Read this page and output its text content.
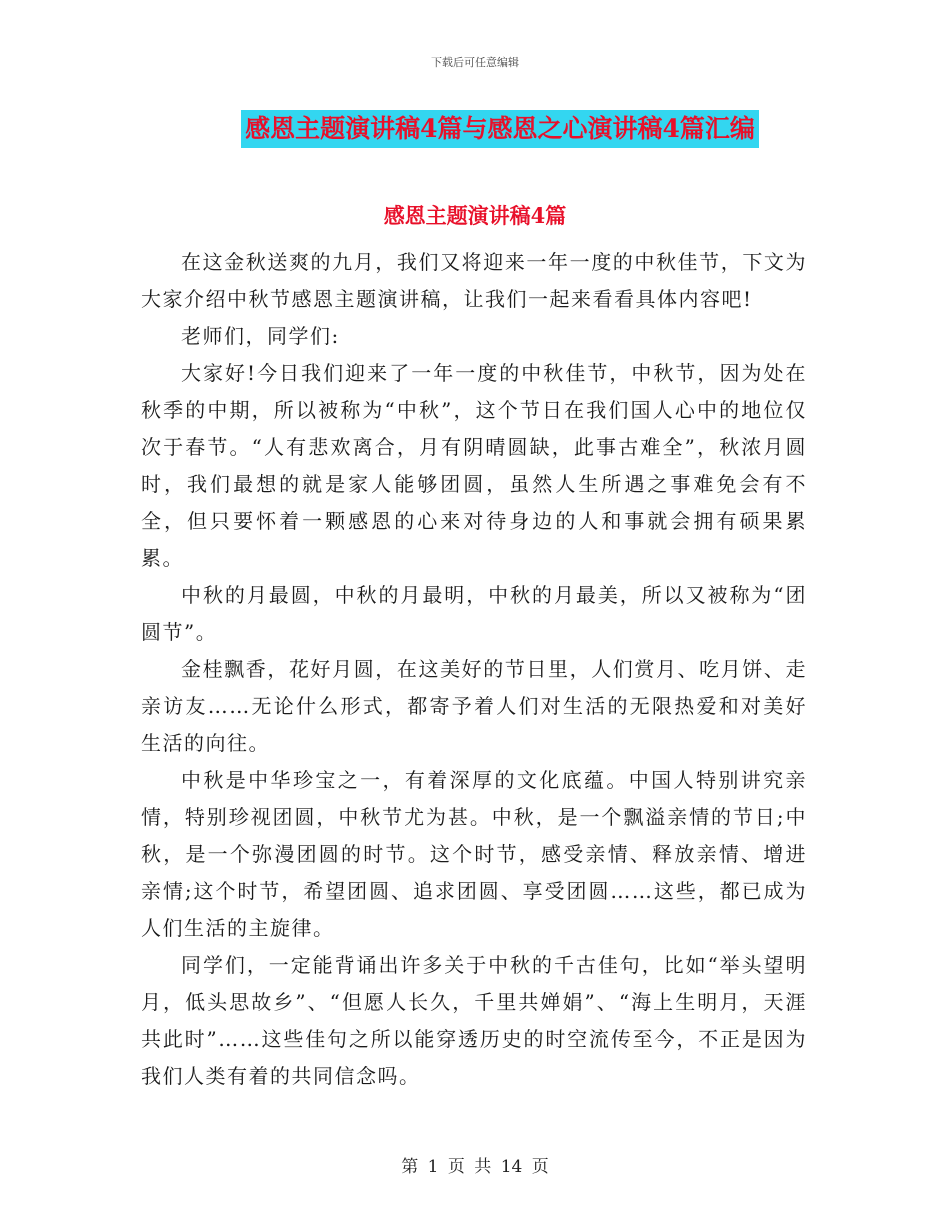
下载后可任意编辑
感恩主题演讲稿4篇与感恩之心演讲稿4篇汇编
感恩主题演讲稿4篇

在这金秋送爽的九月，我们又将迎来一年一度的中秋佳节，下文为大家介绍中秋节感恩主题演讲稿，让我们一起来看看具体内容吧!

老师们，同学们:

大家好!今日我们迎来了一年一度的中秋佳节，中秋节，因为处在秋季的中期，所以被称为“中秋”，这个节日在我们国人心中的地位仅次于春节。“人有悲欢离合，月有阴晴圆缺，此事古难全”，秋浓月圆时，我们最想的就是家人能够团圆，虽然人生所遇之事难免会有不全，但只要怀着一颗感恩的心来对待身边的人和事就会拥有硕果累累。

中秋的月最圆，中秋的月最明，中秋的月最美，所以又被称为“团圆节”。

金桂飘香，花好月圆，在这美好的节日里，人们赏月、吃月饼、走亲访友……无论什么形式，都寄予着人们对生活的无限热爱和对美好生活的向往。

中秋是中华珍宝之一，有着深厚的文化底蕴。中国人特别讲究亲情，特别珍视团圆，中秋节尤为甚。中秋，是一个飘溢亲情的节日;中秋，是一个弥漫团圆的时节。这个时节，感受亲情、释放亲情、增进亲情;这个时节，希望团圆、追求团圆、享受团圆……这些，都已成为人们生活的主旋律。

同学们，一定能背诵出许多关于中秋的千古佳句，比如“举头望明月，低头思故乡”、“但愿人长久，千里共婵娟”、“海上生明月，天涯共此时”……这些佳句之所以能穿透历史的时空流传至今，不正是因为我们人类有着的共同信念吗。

第 1 页 共 14 页
